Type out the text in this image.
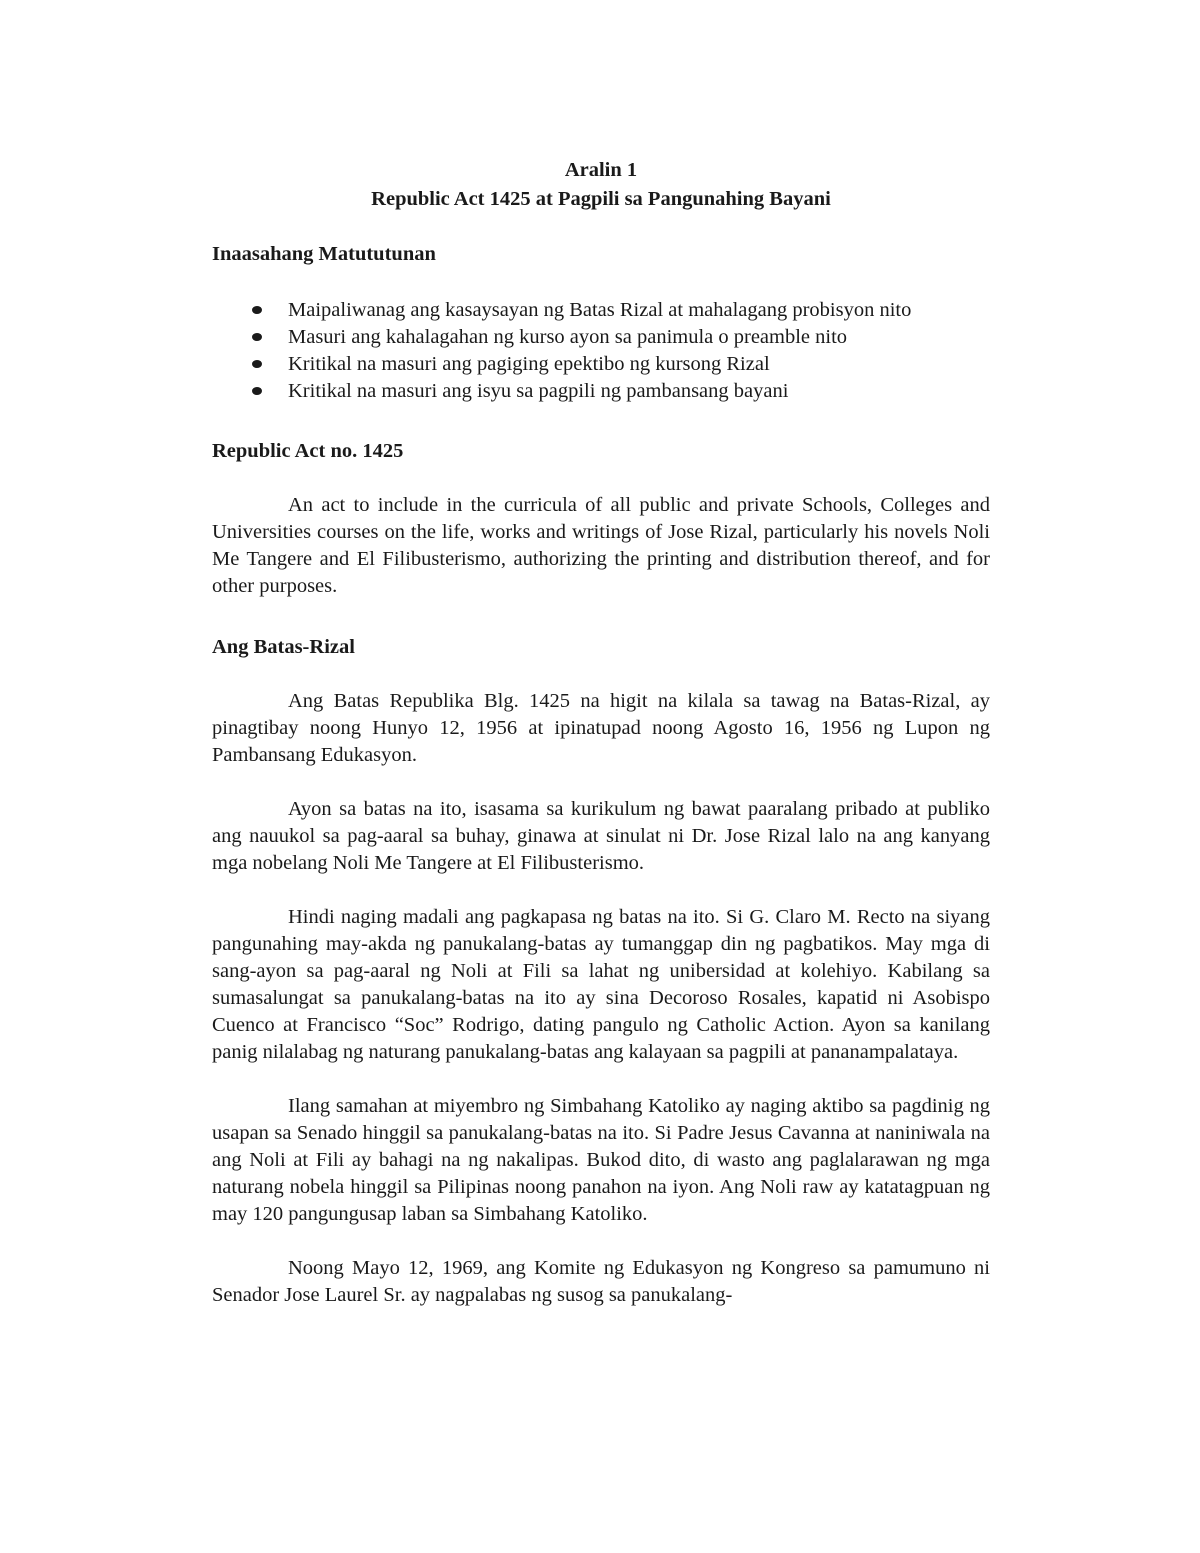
Aralin 1
Republic Act 1425 at Pagpili sa Pangunahing Bayani
Inaasahang Matututunan
Maipaliwanag ang kasaysayan ng Batas Rizal at mahalagang probisyon nito
Masuri ang kahalagahan ng kurso ayon sa panimula o preamble nito
Kritikal na masuri ang pagiging epektibo ng kursong Rizal
Kritikal na masuri ang isyu sa pagpili ng pambansang bayani
Republic Act no. 1425

An act to include in the curricula of all public and private Schools, Colleges and Universities courses on the life, works and writings of Jose Rizal, particularly his novels Noli Me Tangere and El Filibusterismo, authorizing the printing and distribution thereof, and for other purposes.

Ang Batas-Rizal

Ang Batas Republika Blg. 1425 na higit na kilala sa tawag na Batas-Rizal, ay pinagtibay noong Hunyo 12, 1956 at ipinatupad noong Agosto 16, 1956 ng Lupon ng Pambansang Edukasyon.

Ayon sa batas na ito, isasama sa kurikulum ng bawat paaralang pribado at publiko ang nauukol sa pag-aaral sa buhay, ginawa at sinulat ni Dr. Jose Rizal lalo na ang kanyang mga nobelang Noli Me Tangere at El Filibusterismo.

Hindi naging madali ang pagkapasa ng batas na ito. Si G. Claro M. Recto na siyang pangunahing may-akda ng panukalang-batas ay tumanggap din ng pagbatikos. May mga di sang-ayon sa pag-aaral ng Noli at Fili sa lahat ng unibersidad at kolehiyo. Kabilang sa sumasalungat sa panukalang-batas na ito ay sina Decoroso Rosales, kapatid ni Asobispo Cuenco at Francisco “Soc” Rodrigo, dating pangulo ng Catholic Action. Ayon sa kanilang panig nilalabag ng naturang panukalang-batas ang kalayaan sa pagpili at pananampalataya.

Ilang samahan at miyembro ng Simbahang Katoliko ay naging aktibo sa pagdinig ng usapan sa Senado hinggil sa panukalang-batas na ito. Si Padre Jesus Cavanna at naniniwala na ang Noli at Fili ay bahagi na ng nakalipas. Bukod dito, di wasto ang paglalarawan ng mga naturang nobela hinggil sa Pilipinas noong panahon na iyon. Ang Noli raw ay katatagpuan ng may 120 pangungusap laban sa Simbahang Katoliko.

Noong Mayo 12, 1969, ang Komite ng Edukasyon ng Kongreso sa pamumuno ni Senador Jose Laurel Sr. ay nagpalabas ng susog sa panukalang-
